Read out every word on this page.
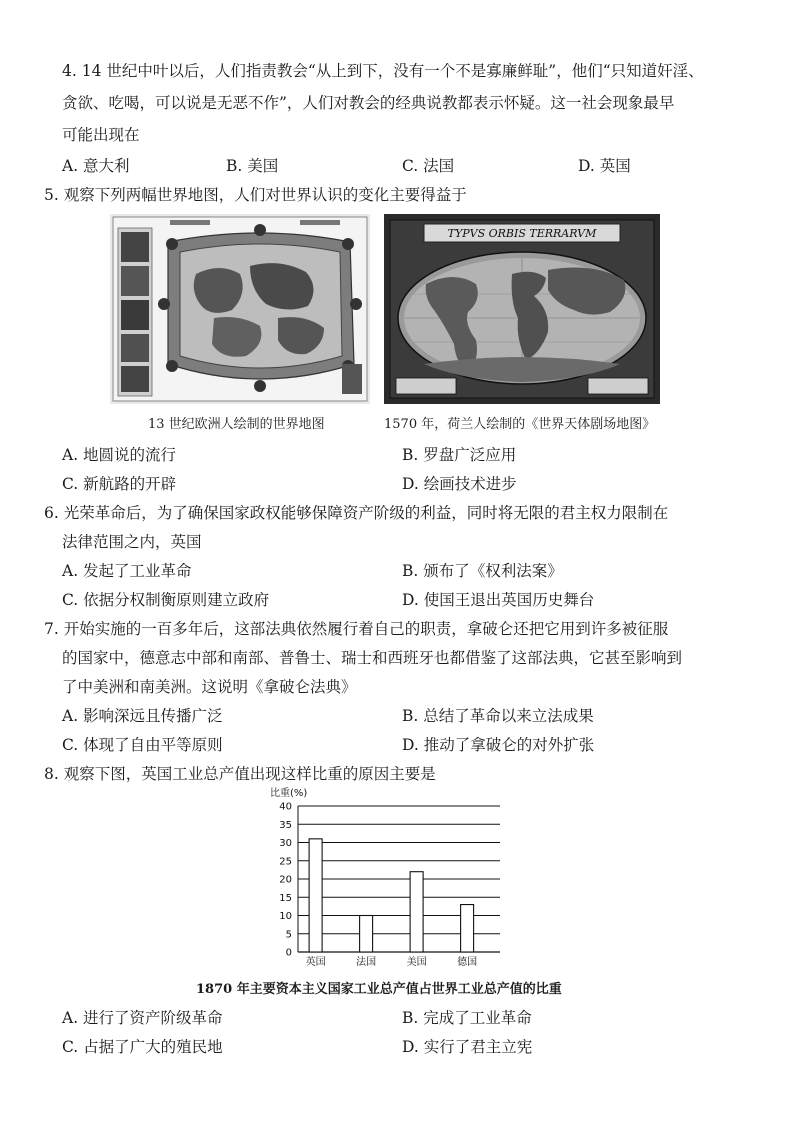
4. 14 世纪中叶以后，人们指责教会“从上到下，没有一个不是寡廉鲜耻”，他们“只知道奸淫、
贪欲、吃喝，可以说是无恶不作”，人们对教会的经典说教都表示怀疑。这一社会现象最早
可能出现在
A. 意大利	B. 美国	C. 法国	D. 英国
5. 观察下列两幅世界地图，人们对世界认识的变化主要得益于
TYPVS ORBIS TERRARVM
13 世纪欧洲人绘制的世界地图	1570 年，荷兰人绘制的《世界天体剧场地图》
A. 地圆说的流行	B. 罗盘广泛应用
C. 新航路的开辟	D. 绘画技术进步
6. 光荣革命后，为了确保国家政权能够保障资产阶级的利益，同时将无限的君主权力限制在
法律范围之内，英国
A. 发起了工业革命	B. 颁布了《权利法案》
C. 依据分权制衡原则建立政府	D. 使国王退出英国历史舞台
7. 开始实施的一百多年后，这部法典依然履行着自己的职责，拿破仑还把它用到许多被征服
的国家中，德意志中部和南部、普鲁士、瑞士和西班牙也都借鉴了这部法典，它甚至影响到
了中美洲和南美洲。这说明《拿破仑法典》
A. 影响深远且传播广泛	B. 总结了革命以来立法成果
C. 体现了自由平等原则	D. 推动了拿破仑的对外扩张
8. 观察下图，英国工业总产值出现这样比重的原因主要是
比重(%)
0
5
10
15
20
25
30
35
40
英国	法国	美国	德国
1870 年主要资本主义国家工业总产值占世界工业总产值的比重
A. 进行了资产阶级革命	B. 完成了工业革命
C. 占据了广大的殖民地	D. 实行了君主立宪
